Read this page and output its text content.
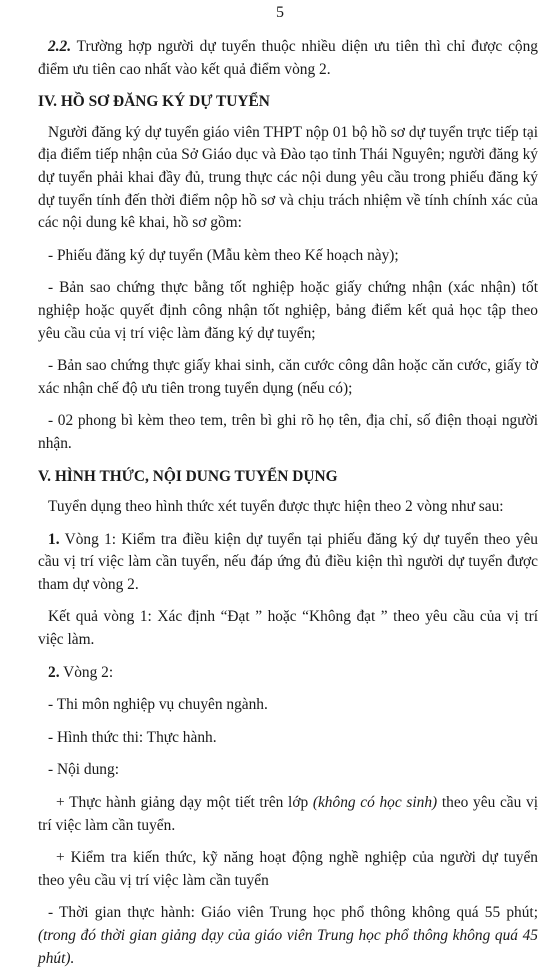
5

2.2. Trường hợp người dự tuyển thuộc nhiều diện ưu tiên thì chỉ được cộng điểm ưu tiên cao nhất vào kết quả điểm vòng 2.

IV. HỒ SƠ ĐĂNG KÝ DỰ TUYỂN

Người đăng ký dự tuyển giáo viên THPT nộp 01 bộ hồ sơ dự tuyển trực tiếp tại địa điểm tiếp nhận của Sở Giáo dục và Đào tạo tỉnh Thái Nguyên; người đăng ký dự tuyển phải khai đầy đủ, trung thực các nội dung yêu cầu trong phiếu đăng ký dự tuyển tính đến thời điểm nộp hồ sơ và chịu trách nhiệm về tính chính xác của các nội dung kê khai, hồ sơ gồm:

- Phiếu đăng ký dự tuyển (Mẫu kèm theo Kế hoạch này);

- Bản sao chứng thực bằng tốt nghiệp hoặc giấy chứng nhận (xác nhận) tốt nghiệp hoặc quyết định công nhận tốt nghiệp, bảng điểm kết quả học tập theo yêu cầu của vị trí việc làm đăng ký dự tuyển;

- Bản sao chứng thực giấy khai sinh, căn cước công dân hoặc căn cước, giấy tờ xác nhận chế độ ưu tiên trong tuyển dụng (nếu có);

- 02 phong bì kèm theo tem, trên bì ghi rõ họ tên, địa chỉ, số điện thoại người nhận.

V. HÌNH THỨC, NỘI DUNG TUYỂN DỤNG

Tuyển dụng theo hình thức xét tuyển được thực hiện theo 2 vòng như sau:

1. Vòng 1: Kiểm tra điều kiện dự tuyển tại phiếu đăng ký dự tuyển theo yêu cầu vị trí việc làm cần tuyển, nếu đáp ứng đủ điều kiện thì người dự tuyển được tham dự vòng 2.

Kết quả vòng 1: Xác định “Đạt ” hoặc “Không đạt ” theo yêu cầu của vị trí việc làm.

2. Vòng 2:

- Thi môn nghiệp vụ chuyên ngành.

- Hình thức thi: Thực hành.

- Nội dung:

+ Thực hành giảng dạy một tiết trên lớp (không có học sinh) theo yêu cầu vị trí việc làm cần tuyển.

+ Kiểm tra kiến thức, kỹ năng hoạt động nghề nghiệp của người dự tuyển theo yêu cầu vị trí việc làm cần tuyển

- Thời gian thực hành: Giáo viên Trung học phổ thông không quá 55 phút; (trong đó thời gian giảng dạy của giáo viên Trung học phổ thông không quá 45 phút).
